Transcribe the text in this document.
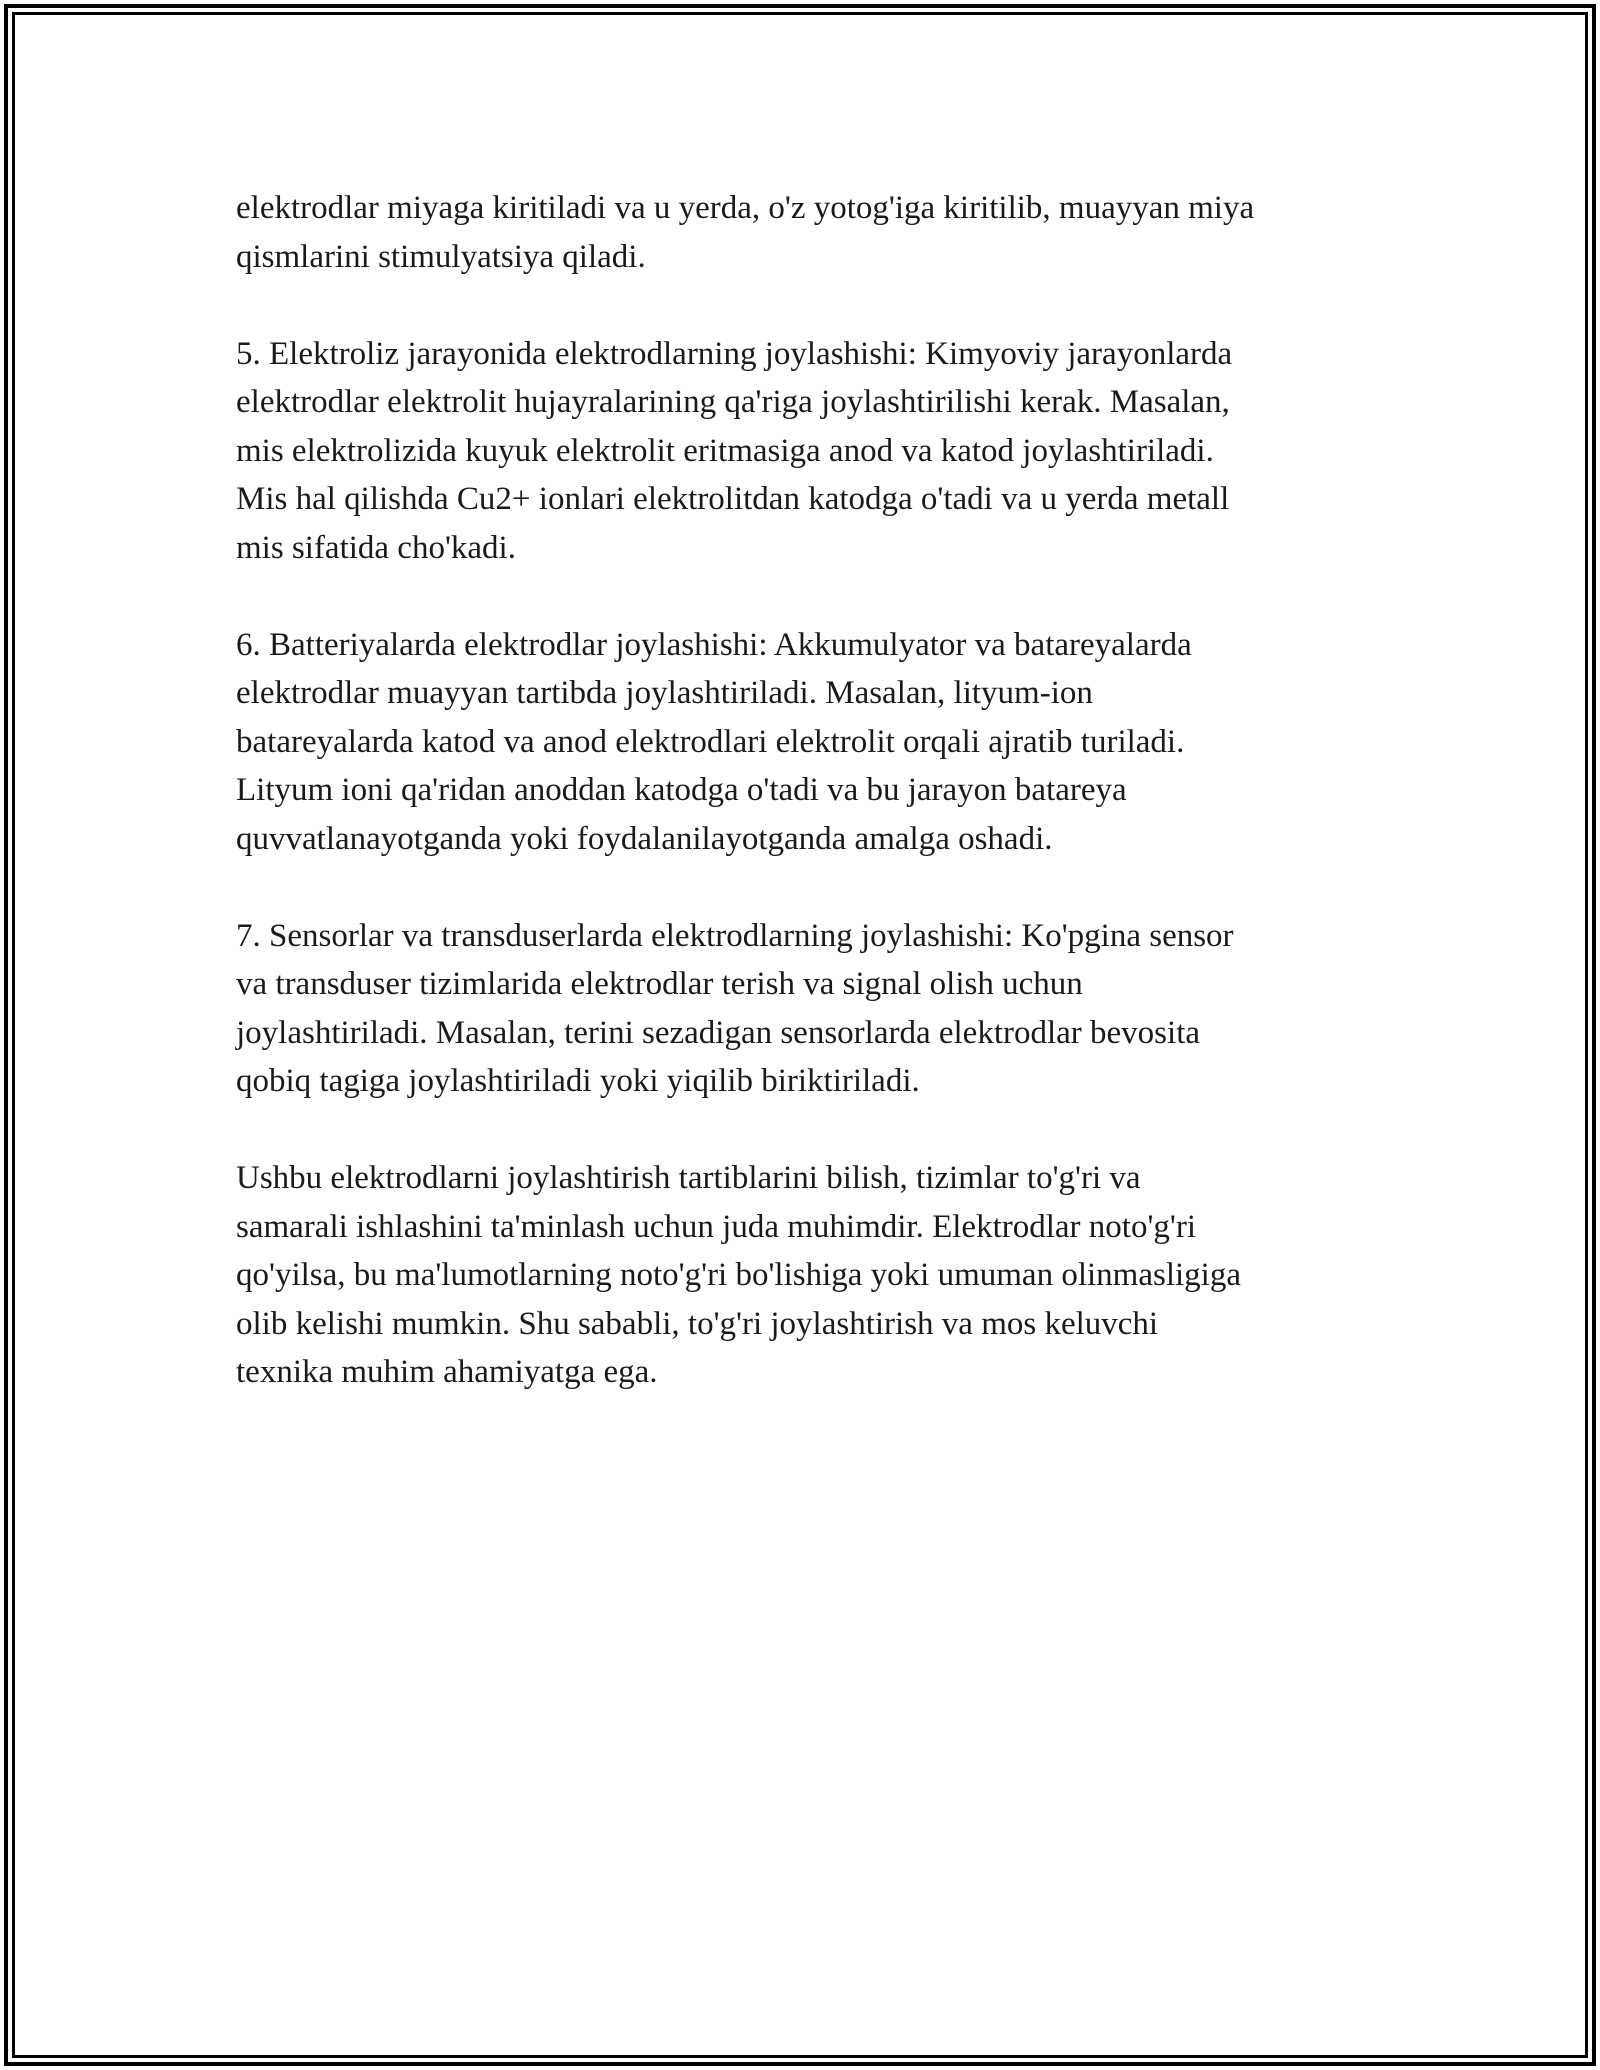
elektrodlar miyaga kiritiladi va u yerda, o'z yotog'iga kiritilib, muayyan miya
qismlarini stimulyatsiya qiladi.

5. Elektroliz jarayonida elektrodlarning joylashishi: Kimyoviy jarayonlarda
elektrodlar elektrolit hujayralarining qa'riga joylashtirilishi kerak. Masalan,
mis elektrolizida kuyuk elektrolit eritmasiga anod va katod joylashtiriladi.
Mis hal qilishda Cu2+ ionlari elektrolitdan katodga o'tadi va u yerda metall
mis sifatida cho'kadi.

6. Batteriyalarda elektrodlar joylashishi: Akkumulyator va batareyalarda
elektrodlar muayyan tartibda joylashtiriladi. Masalan, lityum-ion
batareyalarda katod va anod elektrodlari elektrolit orqali ajratib turiladi.
Lityum ioni qa'ridan anoddan katodga o'tadi va bu jarayon batareya
quvvatlanayotganda yoki foydalanilayotganda amalga oshadi.

7. Sensorlar va transduserlarda elektrodlarning joylashishi: Ko'pgina sensor
va transduser tizimlarida elektrodlar terish va signal olish uchun
joylashtiriladi. Masalan, terini sezadigan sensorlarda elektrodlar bevosita
qobiq tagiga joylashtiriladi yoki yiqilib biriktiriladi.

Ushbu elektrodlarni joylashtirish tartiblarini bilish, tizimlar to'g'ri va
samarali ishlashini ta'minlash uchun juda muhimdir. Elektrodlar noto'g'ri
qo'yilsa, bu ma'lumotlarning noto'g'ri bo'lishiga yoki umuman olinmasligiga
olib kelishi mumkin. Shu sababli, to'g'ri joylashtirish va mos keluvchi
texnika muhim ahamiyatga ega.
